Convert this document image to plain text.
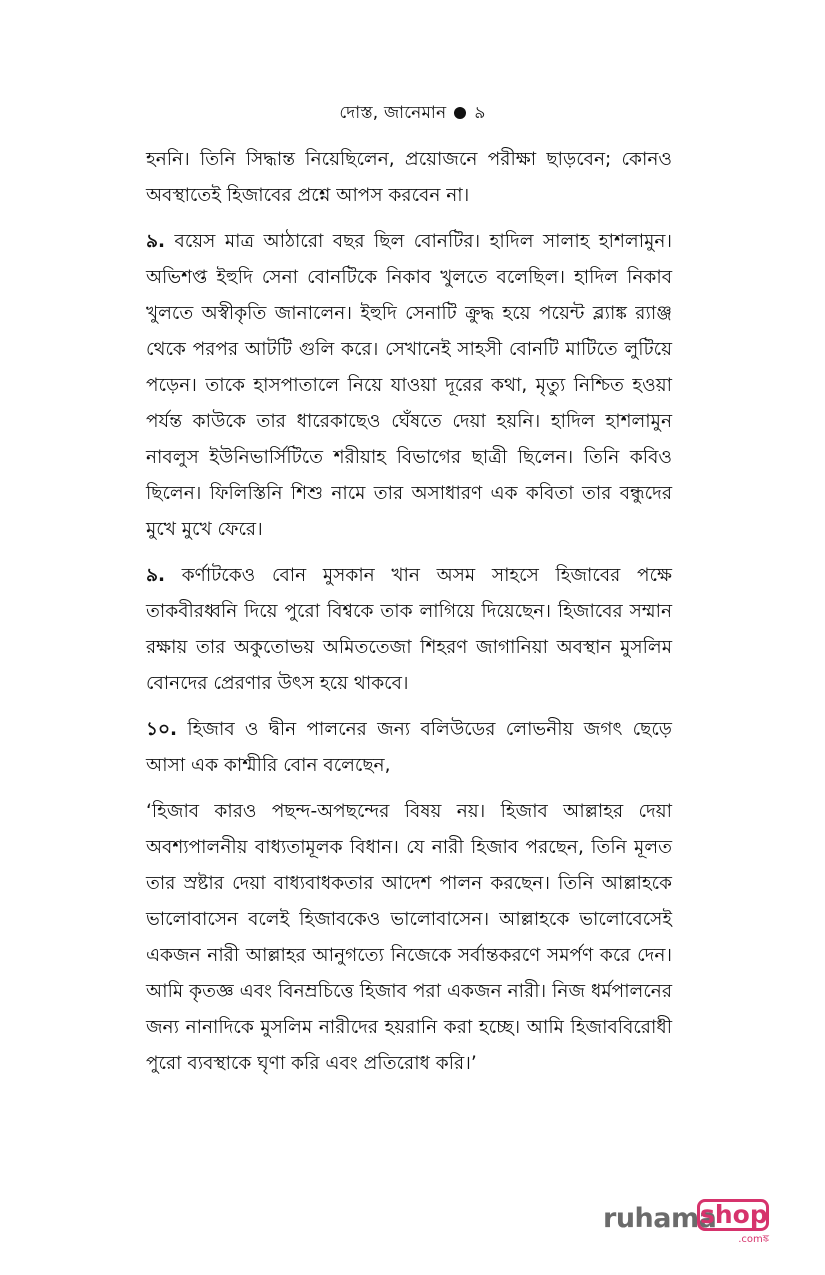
দোস্ত, জানেমান ৯

হননি। তিনি সিদ্ধান্ত নিয়েছিলেন, প্রয়োজনে পরীক্ষা ছাড়বেন; কোনও অবস্থাতেই হিজাবের প্রশ্নে আপস করবেন না।

৯. বয়েস মাত্র আঠারো বছর ছিল বোনটির। হাদিল সালাহ হাশলামুন। অভিশপ্ত ইহুদি সেনা বোনটিকে নিকাব খুলতে বলেছিল। হাদিল নিকাব খুলতে অস্বীকৃতি জানালেন। ইহুদি সেনাটি ক্রুদ্ধ হয়ে পয়েন্ট ব্ল্যাঙ্ক র‍্যাঞ্জ থেকে পরপর আটটি গুলি করে। সেখানেই সাহসী বোনটি মাটিতে লুটিয়ে পড়েন। তাকে হাসপাতালে নিয়ে যাওয়া দূরের কথা, মৃত্যু নিশ্চিত হওয়া পর্যন্ত কাউকে তার ধারেকাছেও ঘেঁষতে দেয়া হয়নি। হাদিল হাশলামুন নাবলুস ইউনিভার্সিটিতে শরীয়াহ বিভাগের ছাত্রী ছিলেন। তিনি কবিও ছিলেন। ফিলিস্তিনি শিশু নামে তার অসাধারণ এক কবিতা তার বন্ধুদের মুখে মুখে ফেরে।

৯. কর্ণাটকেও বোন মুসকান খান অসম সাহসে হিজাবের পক্ষে তাকবীরধ্বনি দিয়ে পুরো বিশ্বকে তাক লাগিয়ে দিয়েছেন। হিজাবের সম্মান রক্ষায় তার অকুতোভয় অমিততেজা শিহরণ জাগানিয়া অবস্থান মুসলিম বোনদের প্রেরণার উৎস হয়ে থাকবে।

১০. হিজাব ও দ্বীন পালনের জন্য বলিউডের লোভনীয় জগৎ ছেড়ে আসা এক কাশ্মীরি বোন বলেছেন,

‘হিজাব কারও পছন্দ-অপছন্দের বিষয় নয়। হিজাব আল্লাহর দেয়া অবশ্যপালনীয় বাধ্যতামূলক বিধান। যে নারী হিজাব পরছেন, তিনি মূলত তার স্রষ্টার দেয়া বাধ্যবাধকতার আদেশ পালন করছেন। তিনি আল্লাহকে ভালোবাসেন বলেই হিজাবকেও ভালোবাসেন। আল্লাহকে ভালোবেসেই একজন নারী আল্লাহর আনুগত্যে নিজেকে সর্বান্তকরণে সমর্পণ করে দেন। আমি কৃতজ্ঞ এবং বিনম্রচিত্তে হিজাব পরা একজন নারী। নিজ ধর্মপালনের জন্য নানাদিকে মুসলিম নারীদের হয়রানি করা হচ্ছে। আমি হিজাববিরোধী পুরো ব্যবস্থাকে ঘৃণা করি এবং প্রতিরোধ করি।’

ruhama
shop
.comঙ্ক
